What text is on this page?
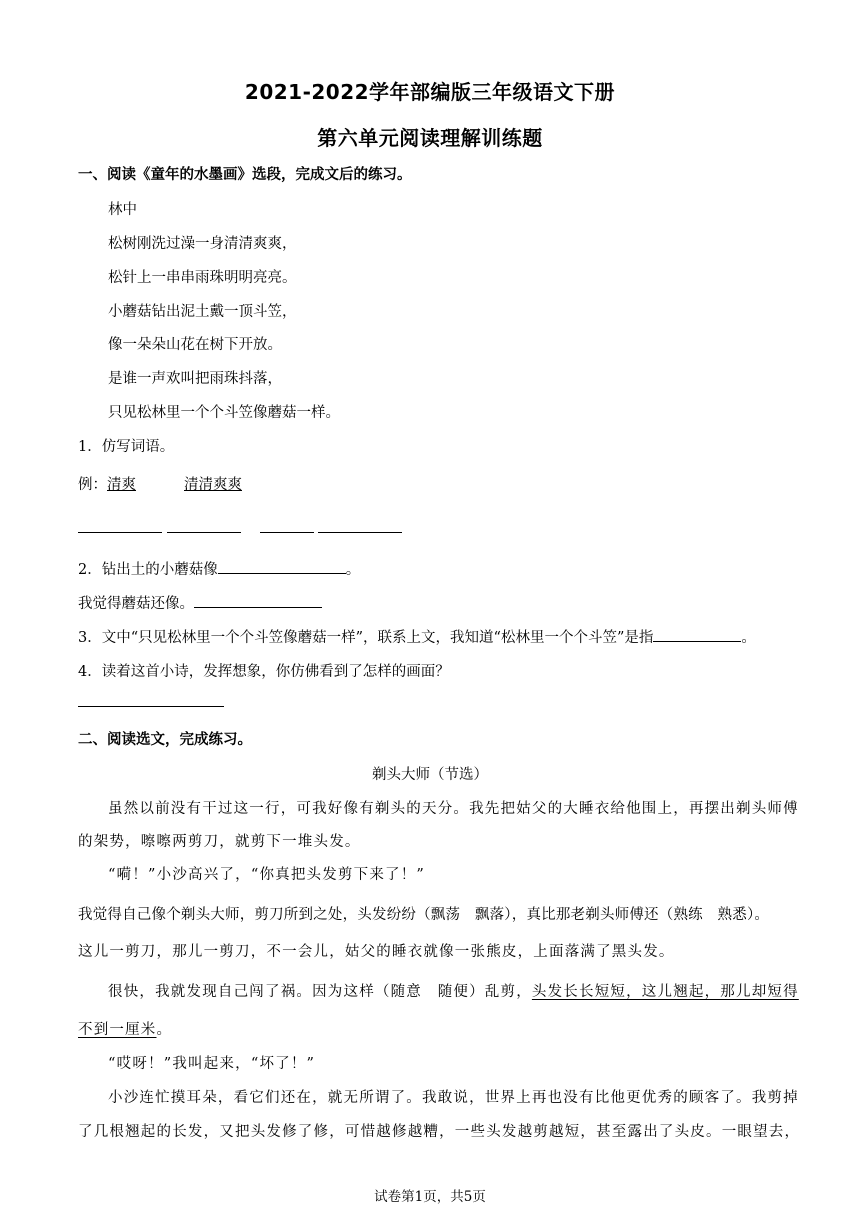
2021-2022学年部编版三年级语文下册
第六单元阅读理解训练题
一、阅读《童年的水墨画》选段，完成文后的练习。
林中
松树刚洗过澡一身清清爽爽，
松针上一串串雨珠明明亮亮。
小蘑菇钻出泥土戴一顶斗笠，
像一朵朵山花在树下开放。
是谁一声欢叫把雨珠抖落，
只见松林里一个个斗笠像蘑菇一样。
1．仿写词语。
例：清爽	清清爽爽

2．钻出土的小蘑菇像	。
我觉得蘑菇还像。
3．文中“只见松林里一个个斗笠像蘑菇一样”，联系上文，我知道“松林里一个个斗笠”是指	。
4．读着这首小诗，发挥想象，你仿佛看到了怎样的画面？
二、阅读选文，完成练习。
剃头大师（节选）
虽然以前没有干过这一行，可我好像有剃头的天分。我先把姑父的大睡衣给他围上，再摆出剃头师傅
的架势，嚓嚓两剪刀，就剪下一堆头发。
“嗬！”小沙高兴了，“你真把头发剪下来了！”
我觉得自己像个剃头大师，剪刀所到之处，头发纷纷（飘荡　飘落），真比那老剃头师傅还（熟练　熟悉）。
这儿一剪刀，那儿一剪刀，不一会儿，姑父的睡衣就像一张熊皮，上面落满了黑头发。
很快，我就发现自己闯了祸。因为这样（随意　随便）乱剪，头发长长短短，这儿翘起，那儿却短得
不到一厘米。
“哎呀！”我叫起来，“坏了！”
小沙连忙摸耳朵，看它们还在，就无所谓了。我敢说，世界上再也没有比他更优秀的顾客了。我剪掉
了几根翘起的长发，又把头发修了修，可惜越修越糟，一些头发越剪越短，甚至露出了头皮。一眼望去，
试卷第1页，共5页
